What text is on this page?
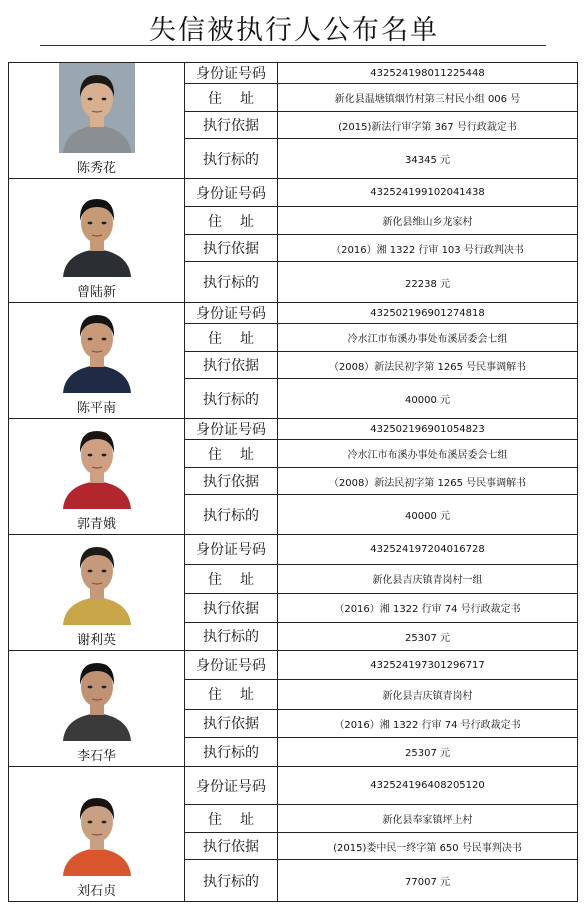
失信被执行人公布名单
陈秀花	身份证号码	432524198011225448
	住址	新化县温塘镇烟竹村第三村民小组 006 号
	执行依据	(2015)新法行审字第 367 号行政裁定书
	执行标的	34345 元

曾陆新	身份证号码	432524199102041438
	住址	新化县维山乡龙家村
	执行依据	（2016）湘 1322 行审 103 号行政判决书
	执行标的	22238 元

陈平南	身份证号码	432502196901274818
	住址	冷水江市布溪办事处布溪居委会七组
	执行依据	（2008）新法民初字第 1265 号民事调解书
	执行标的	40000 元

郭青娥	身份证号码	432502196901054823
	住址	冷水江市布溪办事处布溪居委会七组
	执行依据	（2008）新法民初字第 1265 号民事调解书
	执行标的	40000 元

谢利英	身份证号码	432524197204016728
	住址	新化县吉庆镇青岗村一组
	执行依据	（2016）湘 1322 行审 74 号行政裁定书
	执行标的	25307 元

李石华	身份证号码	432524197301296717
	住址	新化县吉庆镇青岗村
	执行依据	（2016）湘 1322 行审 74 号行政裁定书
	执行标的	25307 元

刘石贞	身份证号码	432524196408205120
	住址	新化县奉家镇坪上村
	执行依据	(2015)娄中民一终字第 650 号民事判决书
	执行标的	77007 元
